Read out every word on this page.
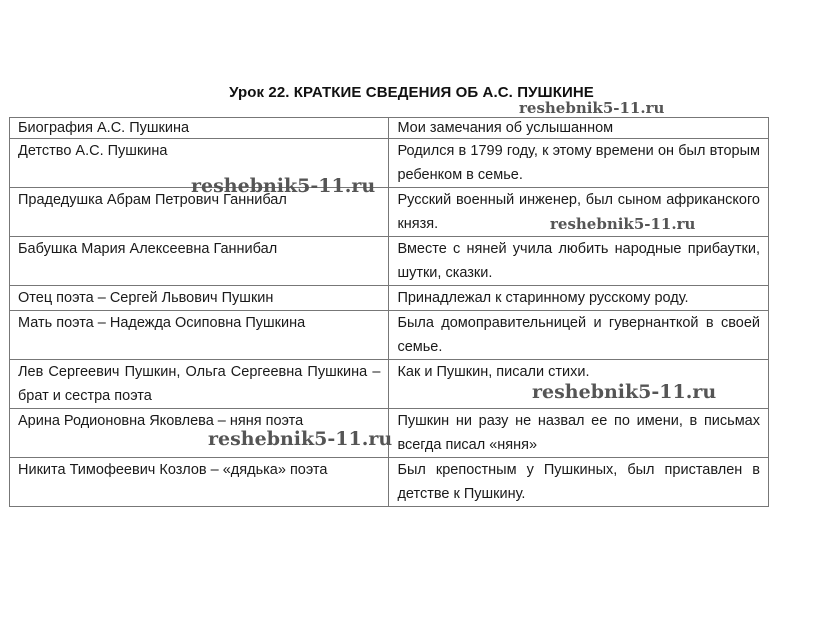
Урок 22. КРАТКИЕ СВЕДЕНИЯ ОБ А.С. ПУШКИНЕ
Биография А.С. Пушкина	Мои замечания об услышанном
Детство А.С. Пушкина	Родился в 1799 году, к этому времени он был вторым ребенком в семье.
Прадедушка Абрам Петрович Ганнибал	Русский военный инженер, был сыном африканского князя.
Бабушка Мария Алексеевна Ганнибал	Вместе с няней учила любить народные прибаутки, шутки, сказки.
Отец поэта – Сергей Львович Пушкин	Принадлежал к старинному русскому роду.
Мать поэта – Надежда Осиповна Пушкина	Была домоправительницей и гувернанткой в своей семье.
Лев Сергеевич Пушкин, Ольга Сергеевна Пушкина – брат и сестра поэта	Как и Пушкин, писали стихи.
Арина Родионовна Яковлева – няня поэта	Пушкин ни разу не назвал ее по имени, в письмах всегда писал «няня»
Никита Тимофеевич Козлов – «дядька» поэта	Был крепостным у Пушкиных, был приставлен в детстве к Пушкину.
reshebnik5-11.ru
reshebnik5-11.ru
reshebnik5-11.ru
reshebnik5-11.ru
reshebnik5-11.ru
